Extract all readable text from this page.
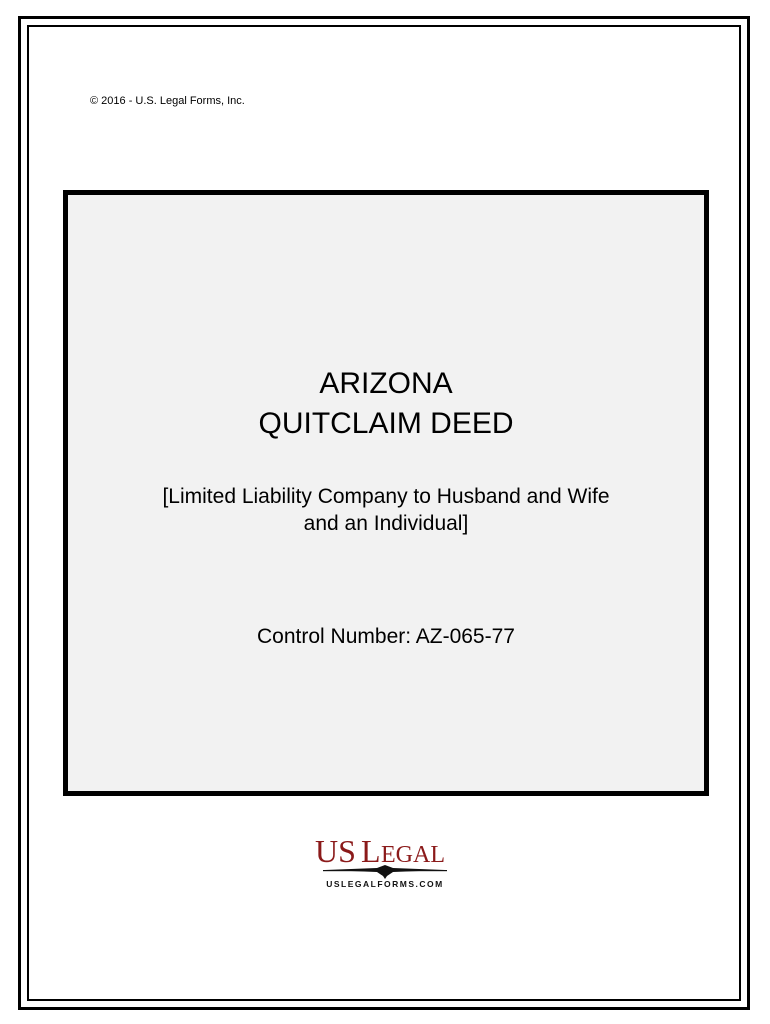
© 2016 - U.S. Legal Forms, Inc.
ARIZONA
QUITCLAIM DEED
[Limited Liability Company to Husband and Wife
and an Individual]
Control Number: AZ-065-77
US L EGAL
USLEGALFORMS.COM
